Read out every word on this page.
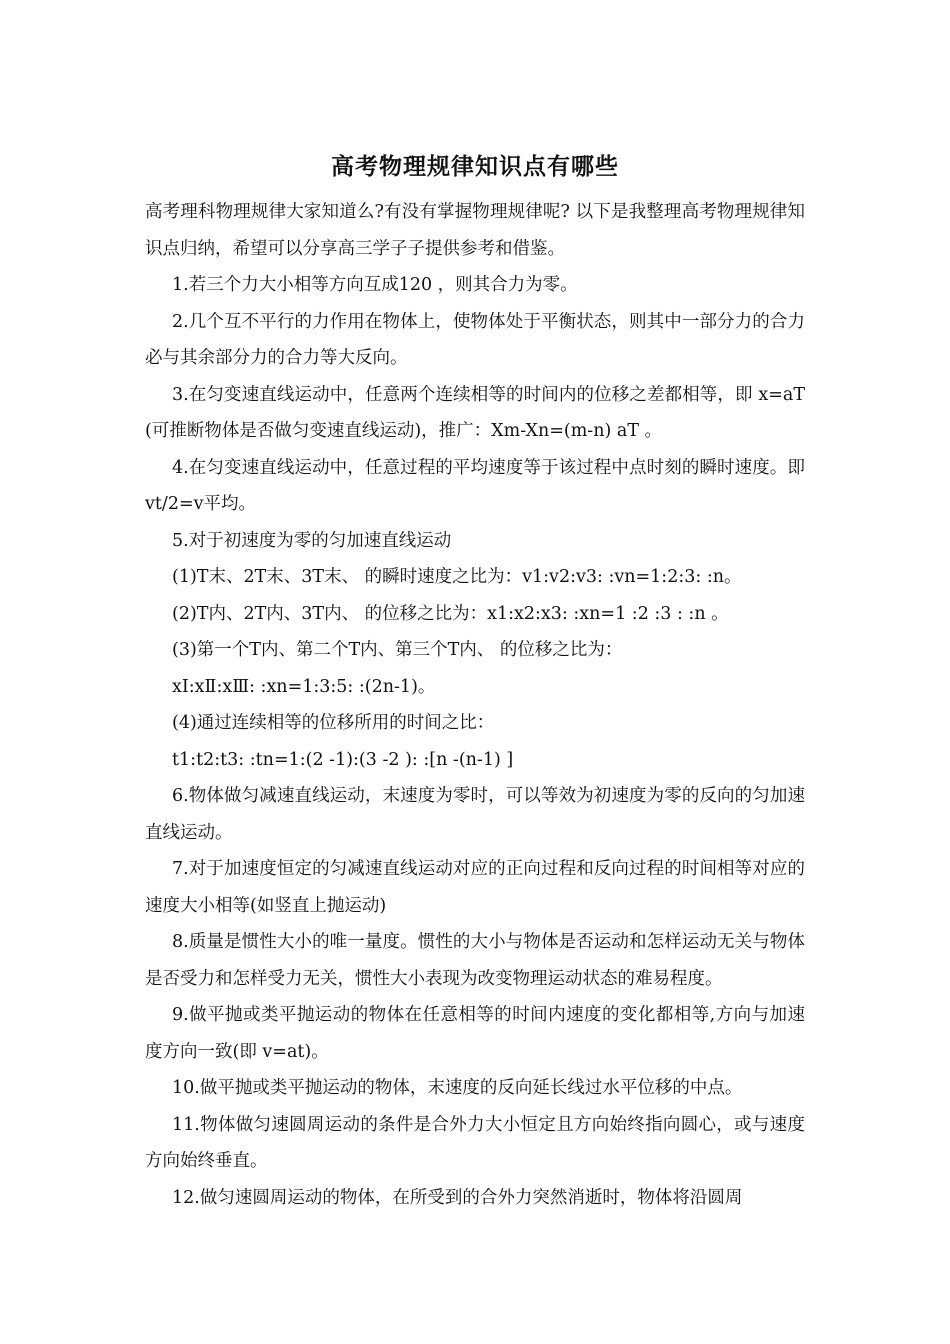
高考物理规律知识点有哪些

高考理科物理规律大家知道么?有没有掌握物理规律呢? 以下是我整理高考物理规律知识点归纳，希望可以分享高三学子子提供参考和借鉴。

1.若三个力大小相等方向互成120 ，则其合力为零。

2.几个互不平行的力作用在物体上，使物体处于平衡状态，则其中一部分力的合力必与其余部分力的合力等大反向。

3.在匀变速直线运动中，任意两个连续相等的时间内的位移之差都相等，即 x=aT (可推断物体是否做匀变速直线运动)，推广：Xm-Xn=(m-n) aT 。

4.在匀变速直线运动中，任意过程的平均速度等于该过程中点时刻的瞬时速度。即vt/2=v平均。

5.对于初速度为零的匀加速直线运动

(1)T末、2T末、3T末、 的瞬时速度之比为：v1:v2:v3: :vn=1:2:3: :n。

(2)T内、2T内、3T内、 的位移之比为：x1:x2:x3: :xn=1 :2 :3 : :n 。

(3)第一个T内、第二个T内、第三个T内、 的位移之比为：

xⅠ:xⅡ:xⅢ: :xn=1:3:5: :(2n-1)。

(4)通过连续相等的位移所用的时间之比：

t1:t2:t3: :tn=1:(2 -1):(3 -2 ): :[n -(n-1) ]

6.物体做匀减速直线运动，末速度为零时，可以等效为初速度为零的反向的匀加速直线运动。

7.对于加速度恒定的匀减速直线运动对应的正向过程和反向过程的时间相等对应的速度大小相等(如竖直上抛运动)

8.质量是惯性大小的唯一量度。惯性的大小与物体是否运动和怎样运动无关与物体是否受力和怎样受力无关，惯性大小表现为改变物理运动状态的难易程度。

9.做平抛或类平抛运动的物体在任意相等的时间内速度的变化都相等,方向与加速度方向一致(即 v=at)。

10.做平抛或类平抛运动的物体，末速度的反向延长线过水平位移的中点。

11.物体做匀速圆周运动的条件是合外力大小恒定且方向始终指向圆心，或与速度方向始终垂直。

12.做匀速圆周运动的物体，在所受到的合外力突然消逝时，物体将沿圆周
